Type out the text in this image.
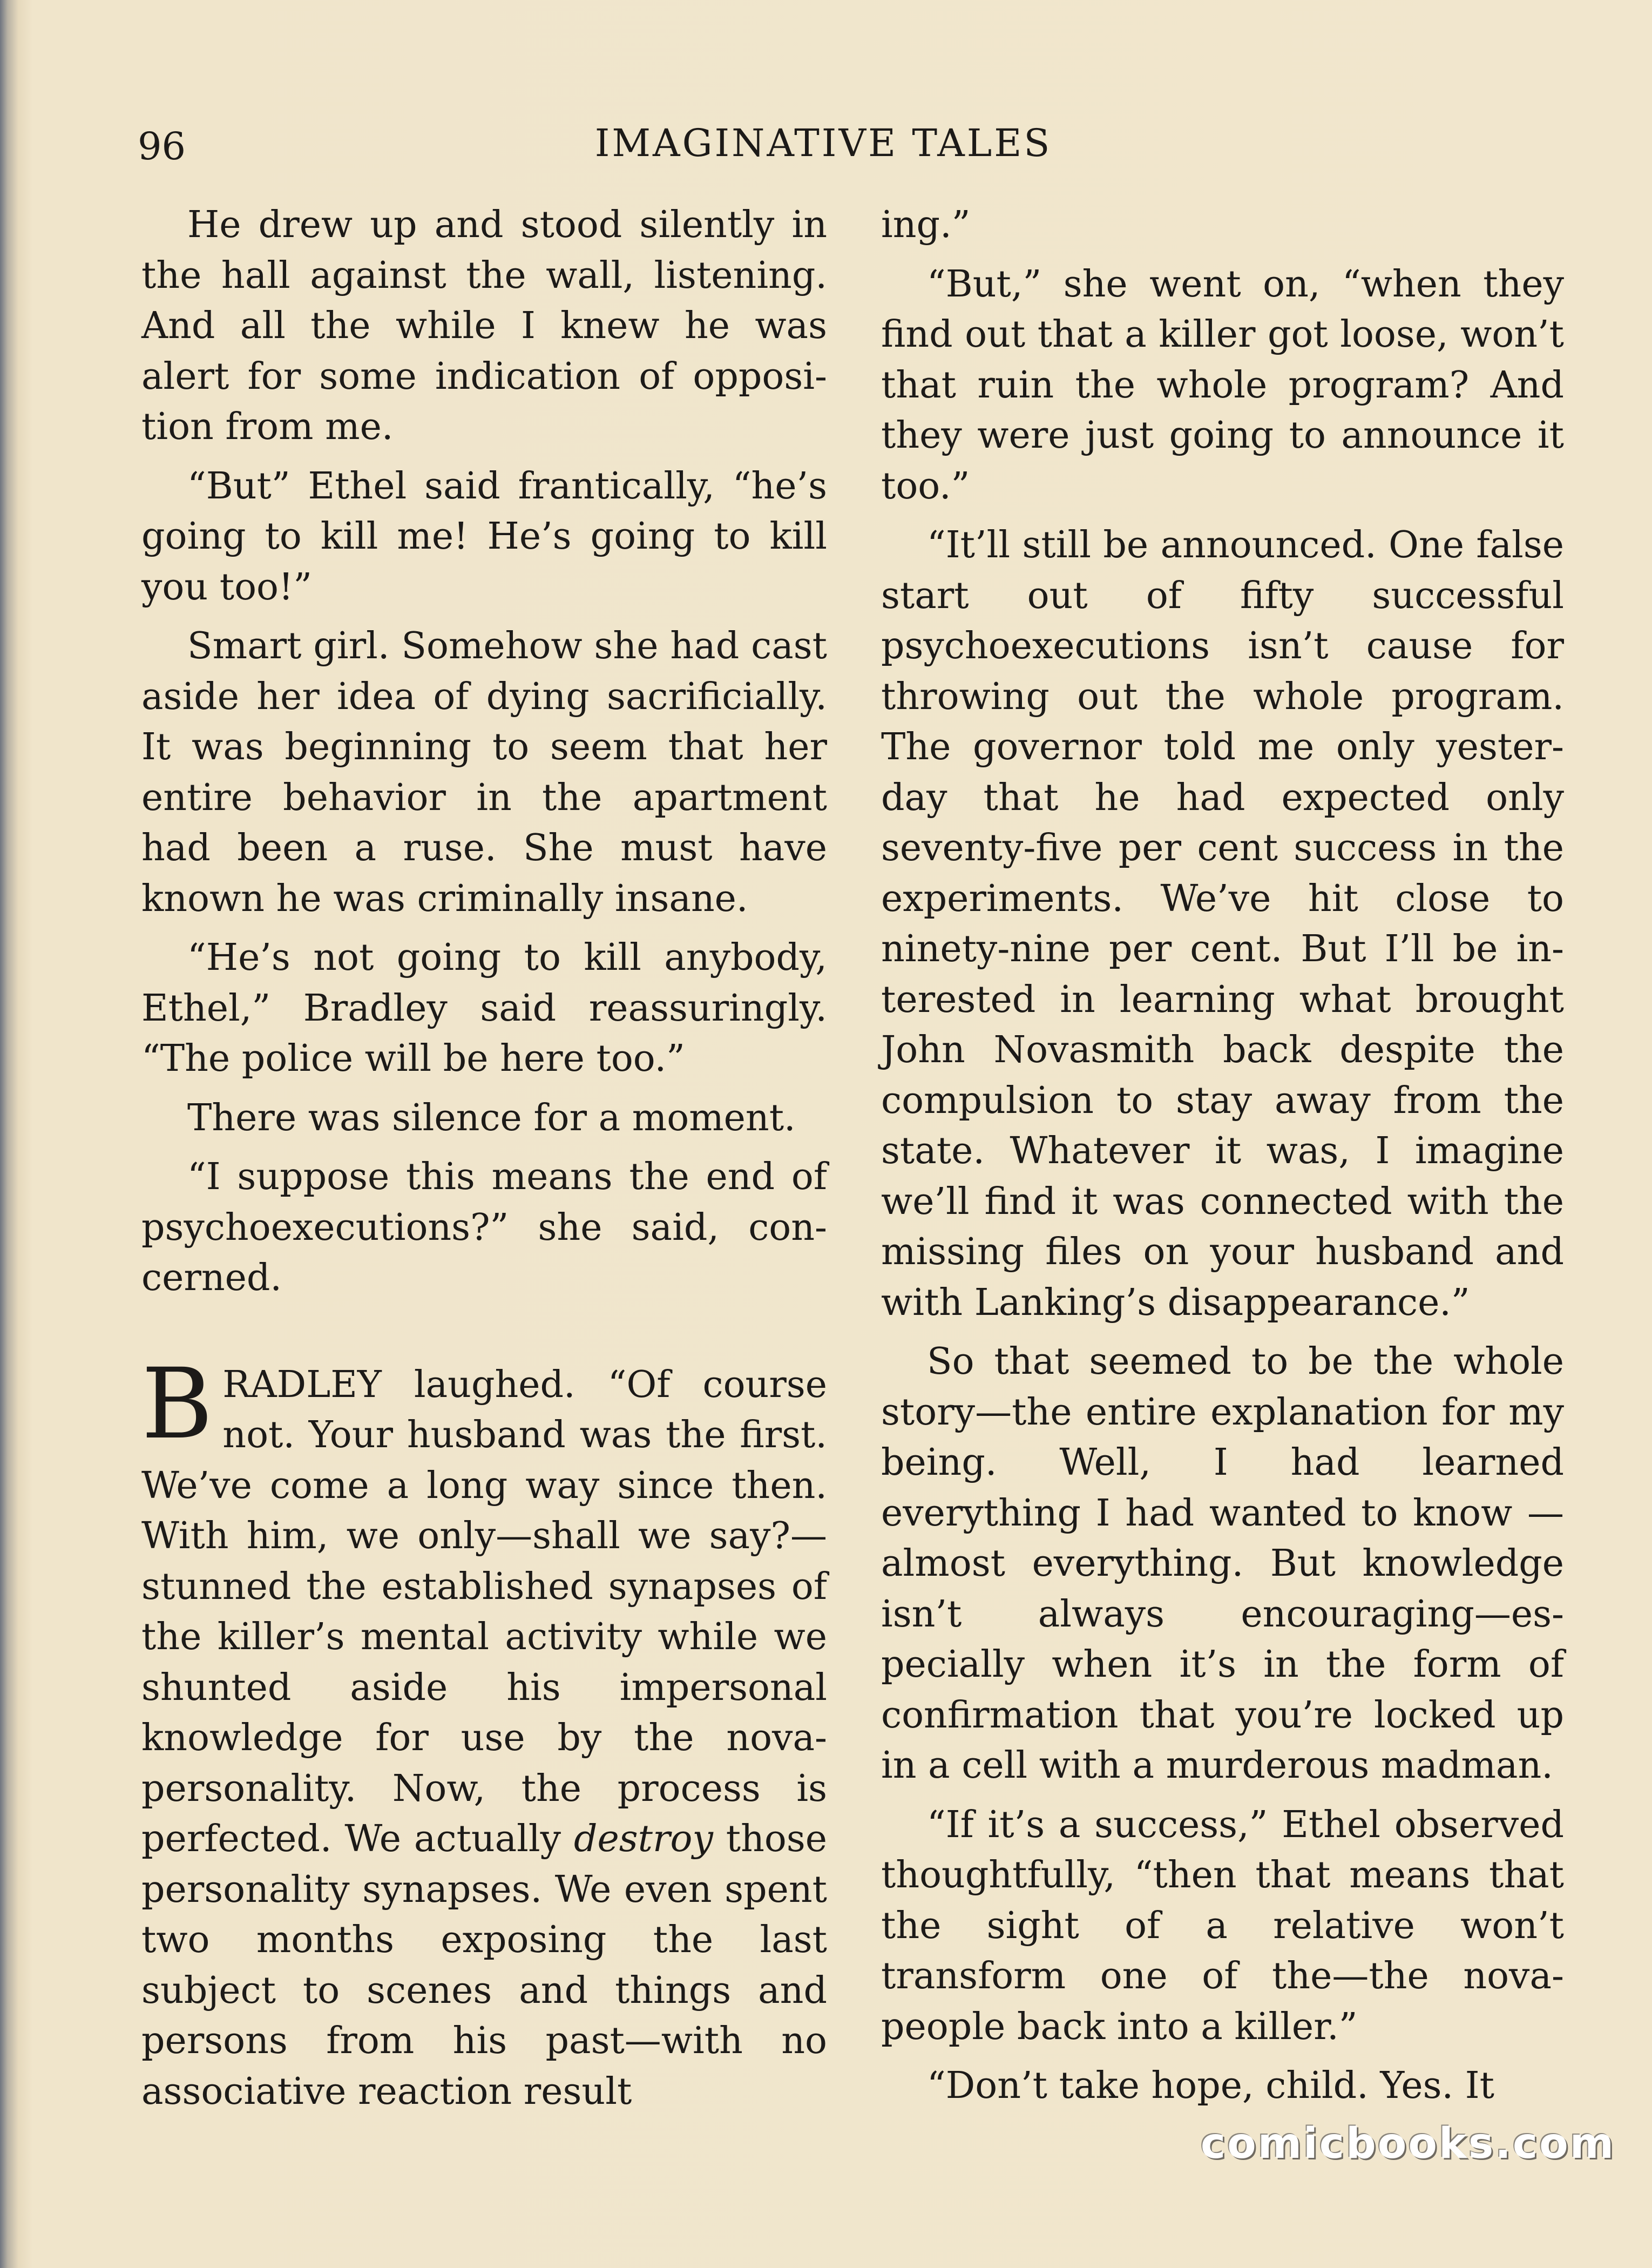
96	IMAGINATIVE TALES

He drew up and stood silently in the hall against the wall, listening. And all the while I knew he was alert for some indication of opposition from me.

“But” Ethel said frantically, “he’s going to kill me! He’s going to kill you too!”

Smart girl. Somehow she had cast aside her idea of dying sacrificially. It was beginning to seem that her entire behavior in the apartment had been a ruse. She must have known he was criminally insane.

“He’s not going to kill anybody, Ethel,” Bradley said reassuringly. “The police will be here too.”

There was silence for a moment.

“I suppose this means the end of psychoexecutions?” she said, concerned.

BRADLEY laughed. “Of course not. Your husband was the first. We’ve come a long way since then. With him, we only—shall we say?—stunned the established synapses of the killer’s mental activity while we shunted aside his impersonal knowledge for use by the nova-personality. Now, the process is perfected. We actually destroy those personality synapses. We even spent two months exposing the last subject to scenes and things and persons from his past—with no associative reaction result

ing.”

“But,” she went on, “when they find out that a killer got loose, won’t that ruin the whole program? And they were just going to announce it too.”

“It’ll still be announced. One false start out of fifty successful psychoexecutions isn’t cause for throwing out the whole program. The governor told me only yesterday that he had expected only seventy-five per cent success in the experiments. We’ve hit close to ninety-nine per cent. But I’ll be interested in learning what brought John Novasmith back despite the compulsion to stay away from the state. Whatever it was, I imagine we’ll find it was connected with the missing files on your husband and with Lanking’s disappearance.”

So that seemed to be the whole story—the entire explanation for my being. Well, I had learned everything I had wanted to know —almost everything. But knowledge isn’t always encouraging—especially when it’s in the form of confirmation that you’re locked up in a cell with a murderous madman.

“If it’s a success,” Ethel observed thoughtfully, “then that means that the sight of a relative won’t transform one of the—the nova-people back into a killer.”

“Don’t take hope, child. Yes. It

comicbooks.com
